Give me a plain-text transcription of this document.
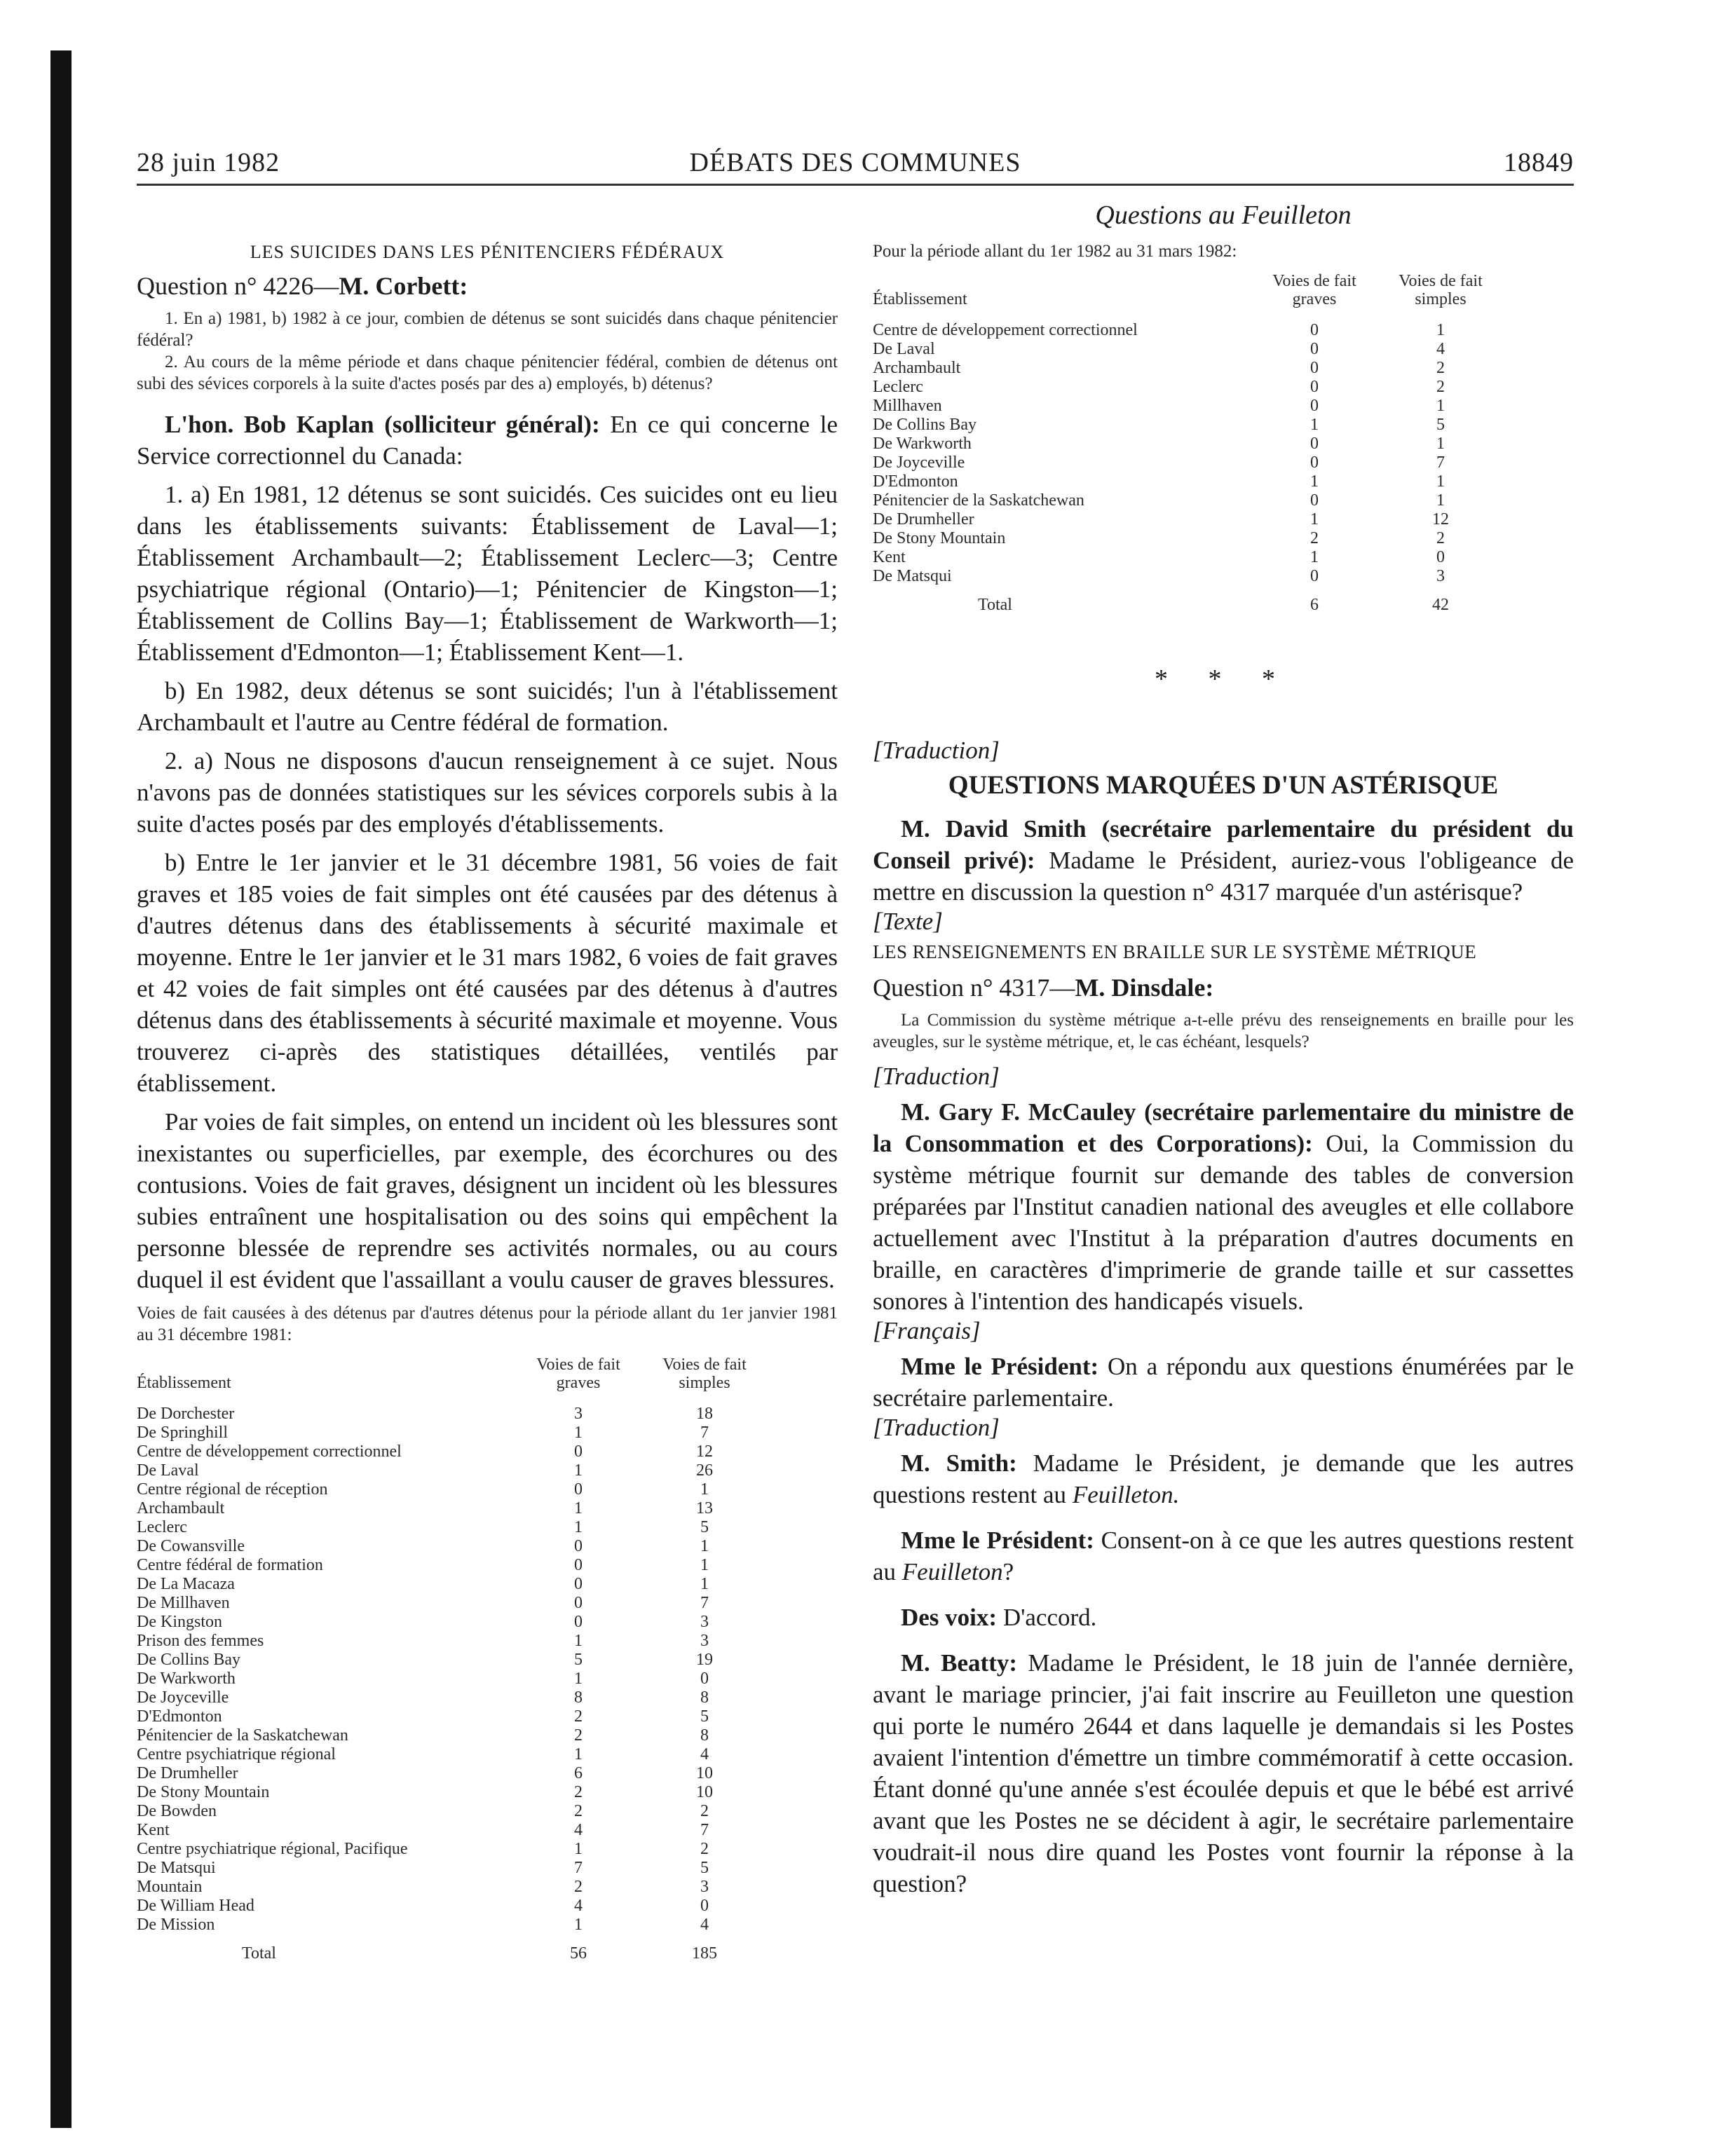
28 juin 1982	DÉBATS DES COMMUNES	18849

LES SUICIDES DANS LES PÉNITENCIERS FÉDÉRAUX

Question n° 4226—M. Corbett:

1. En a) 1981, b) 1982 à ce jour, combien de détenus se sont suicidés dans chaque pénitencier fédéral?

2. Au cours de la même période et dans chaque pénitencier fédéral, combien de détenus ont subi des sévices corporels à la suite d'actes posés par des a) employés, b) détenus?

L'hon. Bob Kaplan (solliciteur général): En ce qui concerne le Service correctionnel du Canada:

1. a) En 1981, 12 détenus se sont suicidés. Ces suicides ont eu lieu dans les établissements suivants: Établissement de Laval—1; Établissement Archambault—2; Établissement Leclerc—3; Centre psychiatrique régional (Ontario)—1; Pénitencier de Kingston—1; Établissement de Collins Bay—1; Établissement de Warkworth—1; Établissement d'Edmonton—1; Établissement Kent—1.

b) En 1982, deux détenus se sont suicidés; l'un à l'établissement Archambault et l'autre au Centre fédéral de formation.

2. a) Nous ne disposons d'aucun renseignement à ce sujet. Nous n'avons pas de données statistiques sur les sévices corporels subis à la suite d'actes posés par des employés d'établissements.

b) Entre le 1er janvier et le 31 décembre 1981, 56 voies de fait graves et 185 voies de fait simples ont été causées par des détenus à d'autres détenus dans des établissements à sécurité maximale et moyenne. Entre le 1er janvier et le 31 mars 1982, 6 voies de fait graves et 42 voies de fait simples ont été causées par des détenus à d'autres détenus dans des établissements à sécurité maximale et moyenne. Vous trouverez ci-après des statistiques détaillées, ventilés par établissement.

Par voies de fait simples, on entend un incident où les blessures sont inexistantes ou superficielles, par exemple, des écorchures ou des contusions. Voies de fait graves, désignent un incident où les blessures subies entraînent une hospitalisation ou des soins qui empêchent la personne blessée de reprendre ses activités normales, ou au cours duquel il est évident que l'assaillant a voulu causer de graves blessures.

Voies de fait causées à des détenus par d'autres détenus pour la période allant du 1er janvier 1981 au 31 décembre 1981:

Établissement	Voies de fait graves	Voies de fait simples
De Dorchester	3	18
De Springhill	1	7
Centre de développement correctionnel	0	12
De Laval	1	26
Centre régional de réception	0	1
Archambault	1	13
Leclerc	1	5
De Cowansville	0	1
Centre fédéral de formation	0	1
De La Macaza	0	1
De Millhaven	0	7
De Kingston	0	3
Prison des femmes	1	3
De Collins Bay	5	19
De Warkworth	1	0
De Joyceville	8	8
D'Edmonton	2	5
Pénitencier de la Saskatchewan	2	8
Centre psychiatrique régional	1	4
De Drumheller	6	10
De Stony Mountain	2	10
De Bowden	2	2
Kent	4	7
Centre psychiatrique régional, Pacifique	1	2
De Matsqui	7	5
Mountain	2	3
De William Head	4	0
De Mission	1	4
Total	56	185

Questions au Feuilleton

Pour la période allant du 1er 1982 au 31 mars 1982:

Établissement	Voies de fait graves	Voies de fait simples
Centre de développement correctionnel	0	1
De Laval	0	4
Archambault	0	2
Leclerc	0	2
Millhaven	0	1
De Collins Bay	1	5
De Warkworth	0	1
De Joyceville	0	7
D'Edmonton	1	1
Pénitencier de la Saskatchewan	0	1
De Drumheller	1	12
De Stony Mountain	2	2
Kent	1	0
De Matsqui	0	3
Total	6	42

* * *

[Traduction]

QUESTIONS MARQUÉES D'UN ASTÉRISQUE

M. David Smith (secrétaire parlementaire du président du Conseil privé): Madame le Président, auriez-vous l'obligeance de mettre en discussion la question n° 4317 marquée d'un astérisque?

[Texte]

LES RENSEIGNEMENTS EN BRAILLE SUR LE SYSTÈME MÉTRIQUE

Question n° 4317—M. Dinsdale:

La Commission du système métrique a-t-elle prévu des renseignements en braille pour les aveugles, sur le système métrique, et, le cas échéant, lesquels?

[Traduction]

M. Gary F. McCauley (secrétaire parlementaire du ministre de la Consommation et des Corporations): Oui, la Commission du système métrique fournit sur demande des tables de conversion préparées par l'Institut canadien national des aveugles et elle collabore actuellement avec l'Institut à la préparation d'autres documents en braille, en caractères d'imprimerie de grande taille et sur cassettes sonores à l'intention des handicapés visuels.

[Français]

Mme le Président: On a répondu aux questions énumérées par le secrétaire parlementaire.

[Traduction]

M. Smith: Madame le Président, je demande que les autres questions restent au Feuilleton.

Mme le Président: Consent-on à ce que les autres questions restent au Feuilleton?

Des voix: D'accord.

M. Beatty: Madame le Président, le 18 juin de l'année dernière, avant le mariage princier, j'ai fait inscrire au Feuilleton une question qui porte le numéro 2644 et dans laquelle je demandais si les Postes avaient l'intention d'émettre un timbre commémoratif à cette occasion. Étant donné qu'une année s'est écoulée depuis et que le bébé est arrivé avant que les Postes ne se décident à agir, le secrétaire parlementaire voudrait-il nous dire quand les Postes vont fournir la réponse à la question?
